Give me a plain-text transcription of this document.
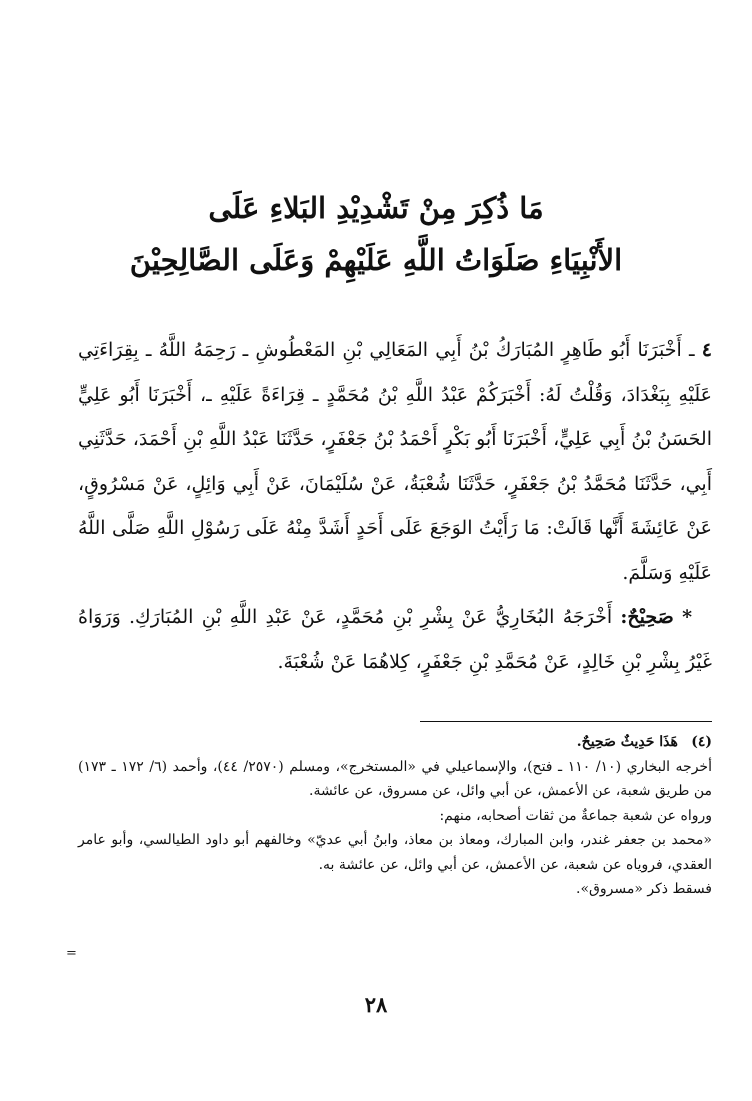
مَا ذُكِرَ مِنْ تَشْدِيْدِ البَلاءِ عَلَى
الأَنْبِيَاءِ صَلَوَاتُ اللَّهِ عَلَيْهِمْ وَعَلَى الصَّالِحِيْنَ

٤ ـ أَخْبَرَنَا أَبُو طَاهِرٍ المُبَارَكُ بْنُ أَبِي المَعَالِي بْنِ المَعْطُوشِ ـ رَحِمَهُ اللَّهُ ـ بِقِرَاءَتِي عَلَيْهِ بِبَغْدَادَ، وَقُلْتُ لَهُ: أَخْبَرَكُمْ عَبْدُ اللَّهِ بْنُ مُحَمَّدٍ ـ قِرَاءَةً عَلَيْهِ ـ، أَخْبَرَنَا أَبُو عَلِيٍّ الحَسَنُ بْنُ أَبِي عَلِيٍّ، أَخْبَرَنَا أَبُو بَكْرٍ أَحْمَدُ بْنُ جَعْفَرٍ، حَدَّثَنَا عَبْدُ اللَّهِ بْنِ أَحْمَدَ، حَدَّثَنِي أَبِي، حَدَّثَنَا مُحَمَّدُ بْنُ جَعْفَرٍ، حَدَّثَنَا شُعْبَةُ، عَنْ سُلَيْمَانَ، عَنْ أَبِي وَائِلٍ، عَنْ مَسْرُوقٍ، عَنْ عَائِشَةَ أَنَّها قَالَتْ: مَا رَأَيْتُ الوَجَعَ عَلَى أَحَدٍ أَشَدَّ مِنْهُ عَلَى رَسُوْلِ اللَّهِ صَلَّى اللَّهُ عَلَيْهِ وَسَلَّمَ.

* صَحِيْحٌ: أَخْرَجَهُ البُخَارِيُّ عَنْ بِشْرِ بْنِ مُحَمَّدٍ، عَنْ عَبْدِ اللَّهِ بْنِ المُبَارَكِ. وَرَوَاهُ غَيْرُ بِشْرِ بْنِ خَالِدٍ، عَنْ مُحَمَّدِ بْنِ جَعْفَرٍ، كِلاهُمَا عَنْ شُعْبَةَ.

(٤)   هَذَا حَدِيثٌ صَحِيحٌ.

أخرجه البخاري (١٠/ ١١٠ ـ فتح)، والإسماعيلي في «المستخرج»، ومسلم (٢٥٧٠/ ٤٤)، وأحمد (٦/ ١٧٢ ـ ١٧٣) من طريق شعبة، عن الأعمش، عن أبي وائل، عن مسروق، عن عائشة.

ورواه عن شعبة جماعةٌ من ثقات أصحابه، منهم:

«محمد بن جعفر غندر، وابن المبارك، ومعاذ بن معاذ، وابنُ أبي عديّ» وخالفهم أبو داود الطيالسي، وأبو عامر العقدي، فروياه عن شعبة، عن الأعمش، عن أبي وائل، عن عائشة به.

فسقط ذكر «مسروق».

=
٢٨
